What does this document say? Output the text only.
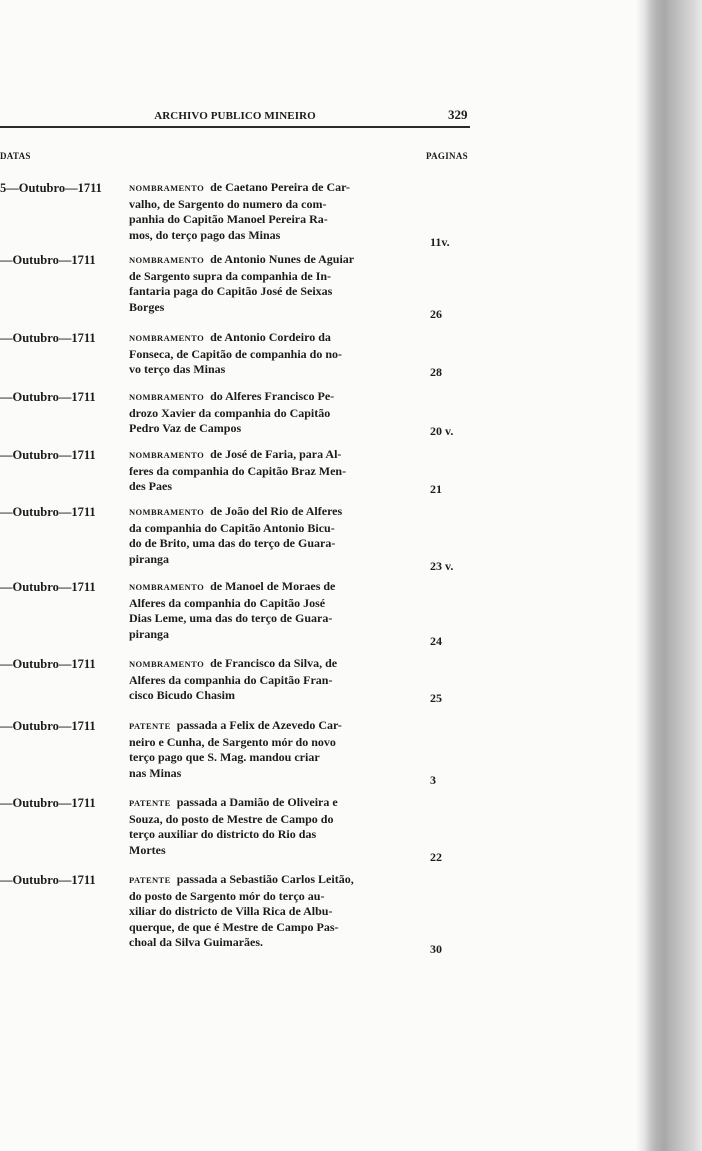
ARCHIVO PUBLICO MINEIRO	329
DATAS	PAGINAS
5—Outubro—1711	NOMBRAMENTO de Caetano Pereira de Car-
valho, de Sargento do numero da com-
panhia do Capitão Manoel Pereira Ra-
mos, do terço pago das Minas
11v.
—Outubro—1711	NOMBRAMENTO de Antonio Nunes de Aguiar
de Sargento supra da companhia de In-
fantaria paga do Capitão José de Seixas
Borges
26
—Outubro—1711	NOMBRAMENTO de Antonio Cordeiro da
Fonseca, de Capitão de companhia do no-
vo terço das Minas	28
—Outubro—1711	NOMBRAMENTO do Alferes Francisco Pe-
drozo Xavier da companhia do Capitão
Pedro Vaz de Campos	20 v.
—Outubro—1711	NOMBRAMENTO de José de Faria, para Al-
feres da companhia do Capitão Braz Men-
des Paes	21
—Outubro—1711	NOMBRAMENTO de João del Rio de Alferes
da companhia do Capitão Antonio Bicu-
do de Brito, uma das do terço de Guara-
piranga
23 v.
—Outubro—1711	NOMBRAMENTO de Manoel de Moraes de
Alferes da companhia do Capitão José
Dias Leme, uma das do terço de Guara-
piranga
24
—Outubro—1711	NOMBRAMENTO de Francisco da Silva, de
Alferes da companhia do Capitão Fran-
cisco Bicudo Chasim	25
—Outubro—1711	PATENTE passada a Felix de Azevedo Car-
neiro e Cunha, de Sargento mór do novo
terço pago que S. Mag. mandou criar
nas Minas
3
—Outubro—1711	PATENTE passada a Damião de Oliveira e
Souza, do posto de Mestre de Campo do
terço auxiliar do districto do Rio das
Mortes
22
—Outubro—1711	PATENTE passada a Sebastião Carlos Leitão,
do posto de Sargento mór do terço au-
xiliar do districto de Villa Rica de Albu-
querque, de que é Mestre de Campo Pas-
choal da Silva Guimarães.	30
